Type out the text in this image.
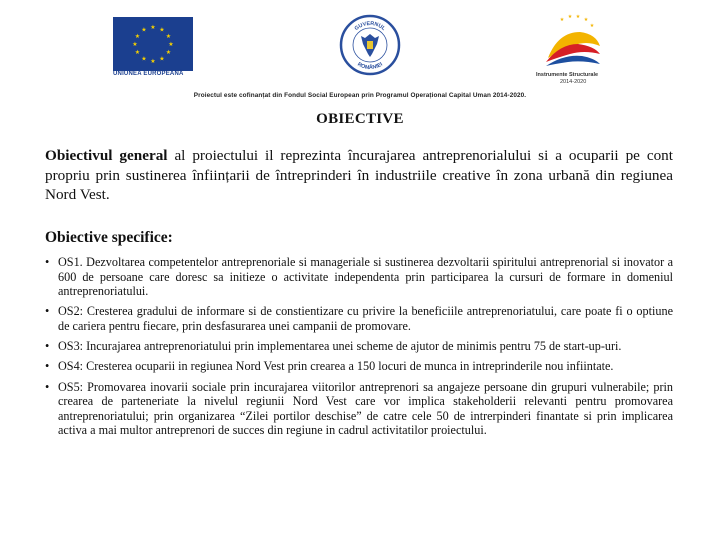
★ ★
★
★
★
★
★
★
★
★
★
★
UNIUNEA EUROPEANĂ
GUVERNUL
ROMÂNIEI
★ ★ ★ ★
★
Instrumente Structurale
2014-2020
Proiectul este cofinanțat din Fondul Social European prin Programul Operațional Capital Uman 2014-2020.
OBIECTIVE
Obiectivul general al proiectului il reprezinta încurajarea antreprenorialului si a ocuparii pe cont propriu prin sustinerea înființarii de întreprinderi în industriile creative în zona urbană din regiunea Nord Vest.
Obiective specifice:
• OS1. Dezvoltarea competentelor antreprenoriale si manageriale si sustinerea dezvoltarii spiritului antreprenorial si inovator a 600 de persoane care doresc sa initieze o activitate independenta prin participarea la cursuri de formare in domeniul antreprenoriatului.
• OS2: Cresterea gradului de informare si de constientizare cu privire la beneficiile antreprenoriatului, care poate fi o optiune de cariera pentru fiecare, prin desfasurarea unei campanii de promovare.
• OS3: Incurajarea antreprenoriatului prin implementarea unei scheme de ajutor de minimis pentru 75 de start-up-uri.
• OS4: Cresterea ocuparii in regiunea Nord Vest prin crearea a 150 locuri de munca in intreprinderile nou infiintate.
• OS5: Promovarea inovarii sociale prin incurajarea viitorilor antreprenori sa angajeze persoane din grupuri vulnerabile; prin crearea de parteneriate la nivelul regiunii Nord Vest care vor implica stakeholderii relevanti pentru promovarea antreprenoriatului; prin organizarea “Zilei portilor deschise” de catre cele 50 de intrerpinderi finantate si prin implicarea activa a mai multor antreprenori de succes din regiune in cadrul activitatilor proiectului.
